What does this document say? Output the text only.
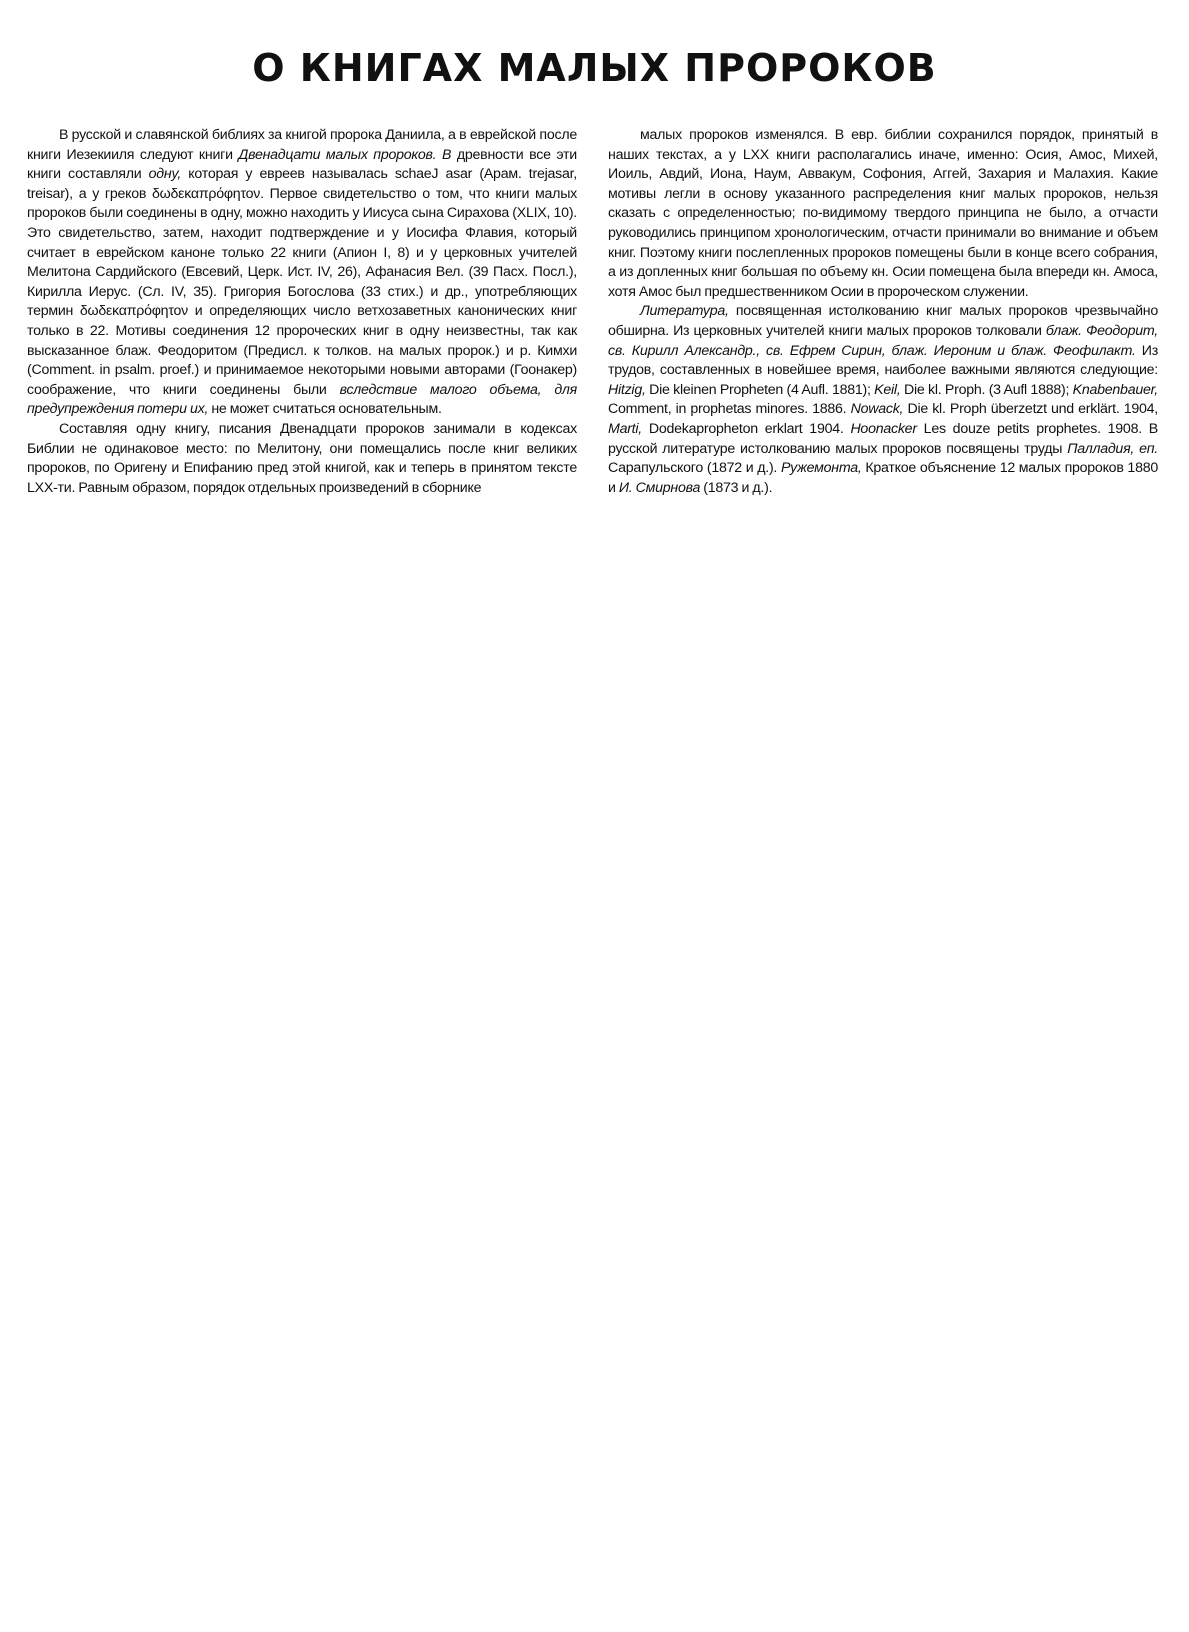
О КНИГАХ МАЛЫХ ПРОРОКОВ

В русской и славянской библиях за книгой пророка Даниила, а в еврейской после книги Иезекииля следуют книги Двенадцати малых пророков. В древности все эти книги составляли одну, которая у евреев называлась schaeJ asar (Арам. trejasar, treisar), а у греков δωδεκαπρόφητον. Первое свидетельство о том, что книги малых пророков были соединены в одну, можно находить у Иисуса сына Сирахова (XLIX, 10). Это свидетельство, затем, находит подтверждение и у Иосифа Флавия, который считает в еврейском каноне только 22 книги (Апион I, 8) и у церковных учителей Мелитона Сардийского (Евсевий, Церк. Ист. IV, 26), Афанасия Вел. (39 Пасх. Посл.), Кирилла Иерус. (Сл. IV, 35). Григория Богослова (33 стих.) и др., употребляющих термин δωδεκαπρόφητον и определяющих число ветхозаветных канонических книг только в 22. Мотивы соединения 12 пророческих книг в одну неизвестны, так как высказанное блаж. Феодоритом (Предисл. к толков. на малых пророк.) и р. Кимхи (Comment. in psalm. proef.) и принимаемое некоторыми новыми авторами (Гоонакер) соображение, что книги соединены были вследствие малого объема, для предупреждения потери их, не может считаться основательным.

Составляя одну книгу, писания Двенадцати пророков занимали в кодексах Библии не одинаковое место: по Мелитону, они помещались после книг великих пророков, по Оригену и Епифанию пред этой книгой, как и теперь в принятом тексте LXX-ти. Равным образом, порядок отдельных произведений в сборнике

малых пророков изменялся. В евр. библии сохранился порядок, принятый в наших текстах, а у LXX книги располагались иначе, именно: Осия, Амос, Михей, Иоиль, Авдий, Иона, Наум, Аввакум, Софония, Аггей, Захария и Малахия. Какие мотивы легли в основу указанного распределения книг малых пророков, нельзя сказать с определенностью; по-видимому твердого принципа не было, а отчасти руководились принципом хронологическим, отчасти принимали во внимание и объем книг. Поэтому книги послепленных пророков помещены были в конце всего собрания, а из допленных книг большая по объему кн. Осии помещена была впереди кн. Амоса, хотя Амос был предшественником Осии в пророческом служении.

Литература, посвященная истолкованию книг малых пророков чрезвычайно обширна. Из церковных учителей книги малых пророков толковали блаж. Феодорит, св. Кирилл Александр., св. Ефрем Сирин, блаж. Иероним и блаж. Феофилакт. Из трудов, составленных в новейшее время, наиболее важными являются следующие: Hitzig, Die kleinen Propheten (4 Aufl. 1881); Keil, Die kl. Proph. (3 Aufl 1888); Knabenbauer, Comment, in prophetas minores. 1886. Nowack, Die kl. Proph überzetzt und erklärt. 1904, Marti, Dodekapropheton erklart 1904. Hoonacker Les douze petits prophetes. 1908. В русской литературе истолкованию малых пророков посвящены труды Палладия, еп. Сарапульского (1872 и д.). Ружемонта, Краткое объяснение 12 малых пророков 1880 и И. Смирнова (1873 и д.).
